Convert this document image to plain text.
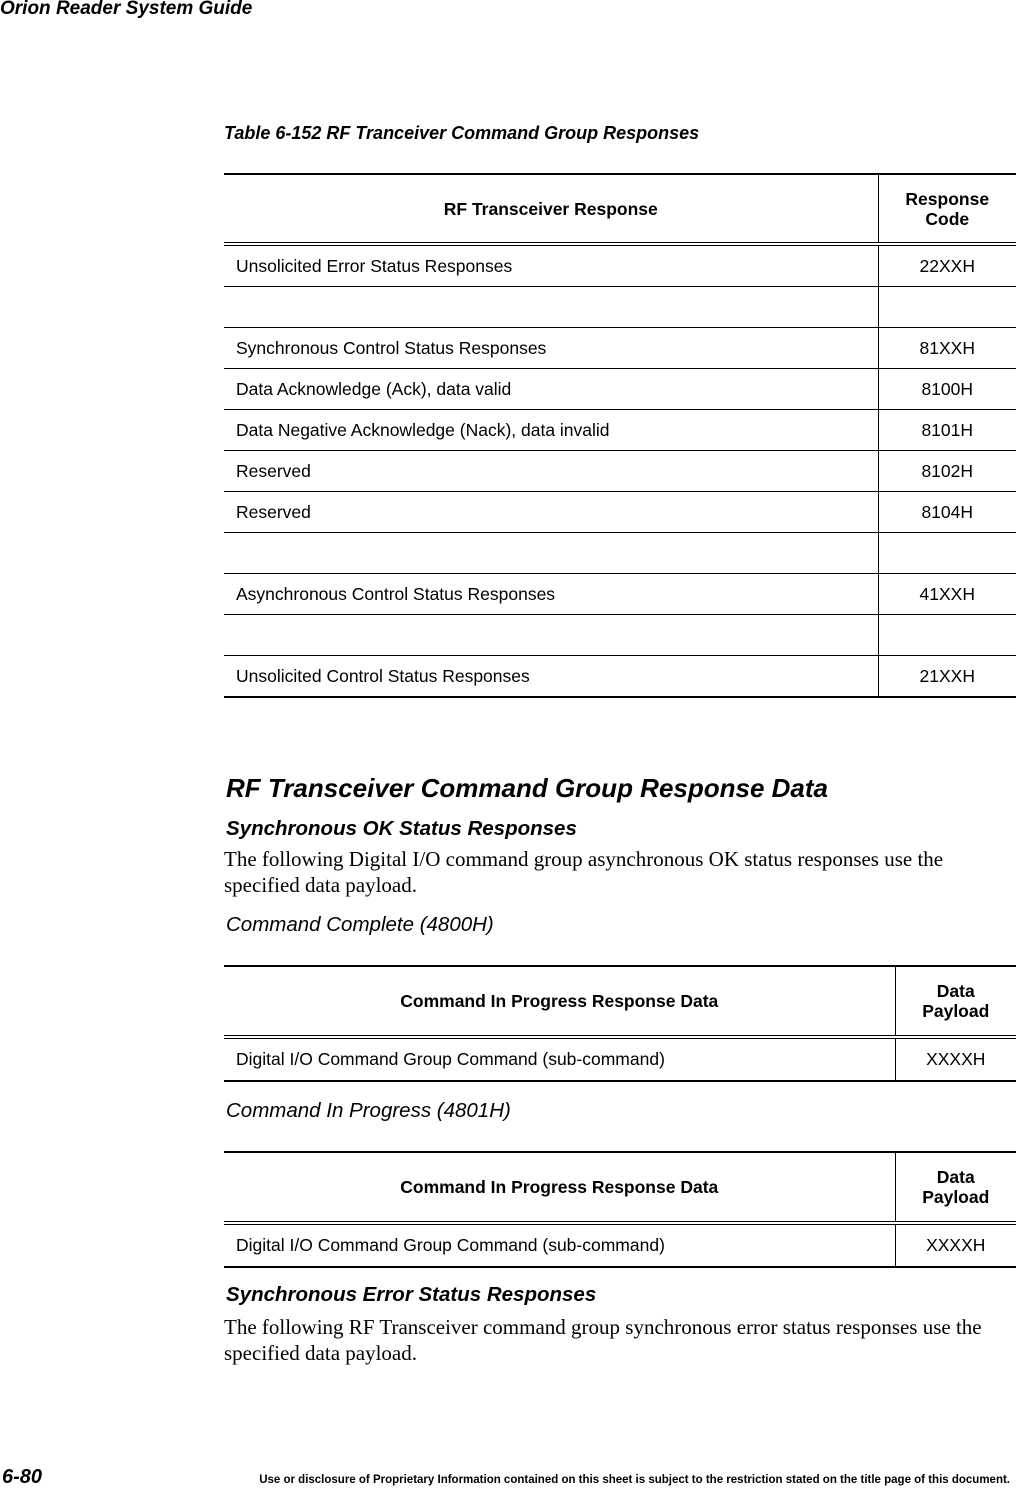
Orion Reader System Guide
Table 6-152 RF Tranceiver Command Group Responses
RF Transceiver Response	Response Code
Unsolicited Error Status Responses	22XXH

Synchronous Control Status Responses	81XXH
Data Acknowledge (Ack), data valid	8100H
Data Negative Acknowledge (Nack), data invalid	8101H
Reserved	8102H
Reserved	8104H

Asynchronous Control Status Responses	41XXH

Unsolicited Control Status Responses	21XXH
RF Transceiver Command Group Response Data
Synchronous OK Status Responses
The following Digital I/O command group asynchronous OK status responses use the specified data payload.
Command Complete (4800H)
Command In Progress Response Data	Data Payload
Digital I/O Command Group Command (sub-command)	XXXXH
Command In Progress (4801H)
Command In Progress Response Data	Data Payload
Digital I/O Command Group Command (sub-command)	XXXXH
Synchronous Error Status Responses
The following RF Transceiver command group synchronous error status responses use the specified data payload.
6-80	Use or disclosure of Proprietary Information contained on this sheet is subject to the restriction stated on the title page of this document.
